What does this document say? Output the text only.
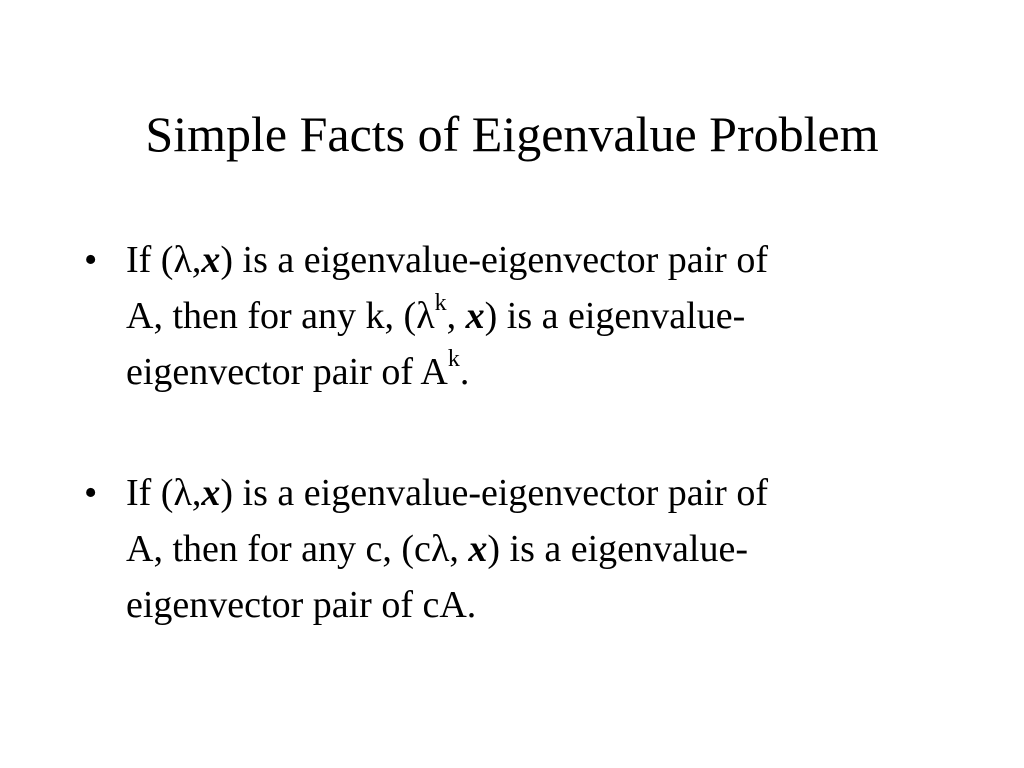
Simple Facts of Eigenvalue Problem
• If (λ,x) is a eigenvalue-eigenvector pair of
A, then for any k, ($\lambda^k$, x) is a eigenvalue-
eigenvector pair of $A^k$.
• If (λ,x) is a eigenvalue-eigenvector pair of
A, then for any c, (cλ, x) is a eigenvalue-
eigenvector pair of cA.
